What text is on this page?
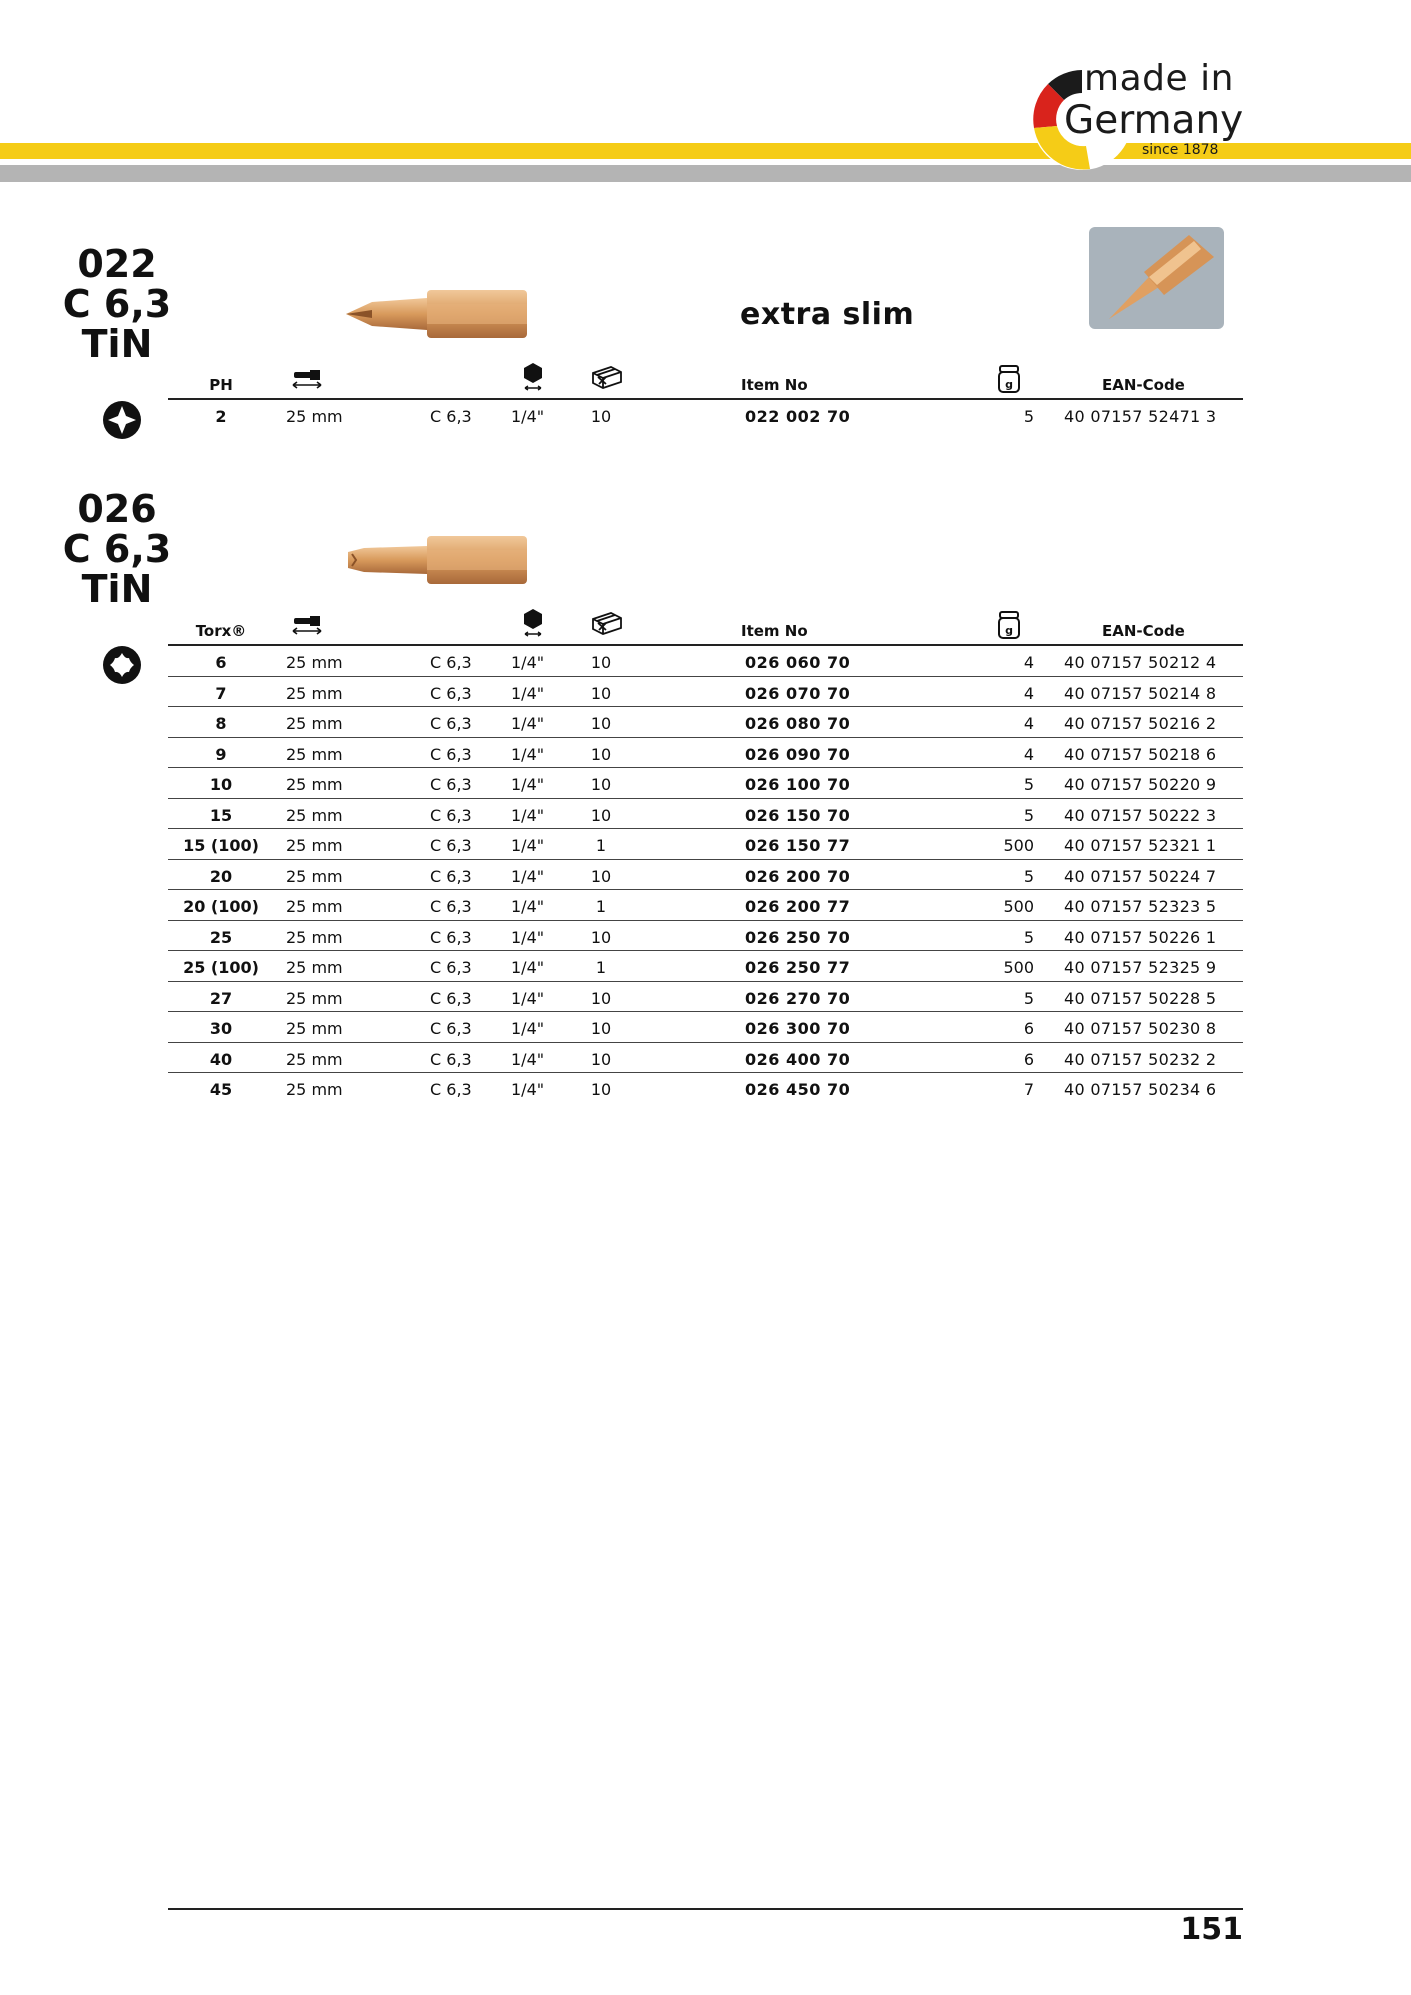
made in
Germany
since 1878
022
C 6,3
TiN
extra slim
PH	Item No	g	EAN-Code
2	25 mm	C 6,3 1/4"	10	022 002 70	5 40 07157 52471 3
026
C 6,3
TiN
Torx®	Item No	g	EAN-Code
6	25 mm	C 6,3 1/4"	10	026 060 70	4 40 07157 50212 4
7	25 mm	C 6,3 1/4"	10	026 070 70	4 40 07157 50214 8
8	25 mm	C 6,3 1/4"	10	026 080 70	4 40 07157 50216 2
9	25 mm	C 6,3 1/4"	10	026 090 70	4 40 07157 50218 6
10	25 mm	C 6,3 1/4"	10	026 100 70	5 40 07157 50220 9
15	25 mm	C 6,3 1/4"	10	026 150 70	5 40 07157 50222 3
15 (100)	25 mm	C 6,3 1/4"	1	026 150 77	500 40 07157 52321 1
20	25 mm	C 6,3 1/4"	10	026 200 70	5 40 07157 50224 7
20 (100)	25 mm	C 6,3 1/4"	1	026 200 77	500 40 07157 52323 5
25	25 mm	C 6,3 1/4"	10	026 250 70	5 40 07157 50226 1
25 (100)	25 mm	C 6,3 1/4"	1	026 250 77	500 40 07157 52325 9
27	25 mm	C 6,3 1/4"	10	026 270 70	5 40 07157 50228 5
30	25 mm	C 6,3 1/4"	10	026 300 70	6 40 07157 50230 8
40	25 mm	C 6,3 1/4"	10	026 400 70	6 40 07157 50232 2
45	25 mm	C 6,3 1/4"	10	026 450 70	7 40 07157 50234 6
151
